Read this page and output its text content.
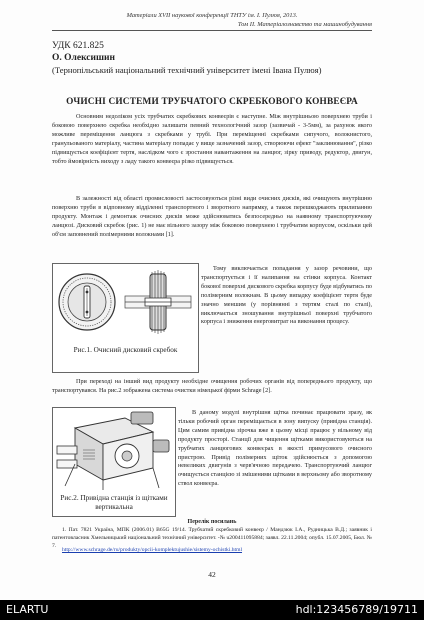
Матеріали XVII наукової конференції ТНТУ ім. І. Пулюя, 2013.
Том II. Матеріалознавство та машинобудування
УДК 621.825
О. Олексишин
(Тернопільський національний технічний університет імені Івана Пулюя)
ОЧИСНІ СИСТЕМИ ТРУБЧАТОГО СКРЕБКОВОГО КОНВЕЄРА

Основним недоліком усіх трубчатих скребкових конвеєрів є наступне. Між внутрішньою поверхнею труби і боковою поверхнею скребка необхідно залишати певний технологічний зазор (зазвичай - 3-5мм), за рахунок якого можливе переміщення ланцюга з скребками у трубі. При переміщенні скребками сипучого, волокнистого, гранульованого матеріалу, частина матеріалу попадає у вище зазначений зазор, створюючи ефект "заклинювання", різко підвищується коефіцієнт тертя, наслідком чого є зростання навантаження на ланцюг, зірку приводу, редуктор, двигун, тобто ймовірність виходу з ладу такого конвеєра різко підвищується.

В залежності від області промисловості застосовуються різні види очисних дисків, які очищують внутрішню поверхню труби в відповному відділенні транспортного і зворотного напрямку, а також перешкоджають прилипанню продукту. Монтаж і демонтаж очисних дисків може здійснюватись безпосередньо на наявному транспортуючому ланцюзі. Дисковий скребок (рис. 1) не має вільного зазору між боковою поверхнею і трубчатим корпусом, оскільки цей об'єм заповнений полімерними волокнами [1].

Рис.1. Очисний дисковий скребок

Тому виключається попадання у зазор речовини, що транспортується і її налипання на стінки корпуса. Контакт бокової поверхні дискового скребка корпусу буде відбуватись по полімерним волокнам. В цьому випадку коефіцієнт тертя буде значно меншим (у порівнянні з тертям сталі по сталі), виключається зношування внутрішньої поверхні трубчатого корпуса і зниження енерговитрат на виконання процесу.

При переході на інший вид продукту необхідне очищення робочих органів від попереднього продукту, що транспортувався. На рис.2 зображена система очистки німецької фірми Schrage [2].

Рис.2. Привідна станція із щітками вертикальна

В даному модулі внутрішня щітка починає працювати зразу, як тільки робочий орган переміщається в зону випуску (привідна станція). Цим самим привідна зірочка вже в цьому місці працює у вільному від продукту просторі. Станції для чищення щітками використовуються на трубчатих ланцюгових конвеєрах в якості примусового очисного пристрою. Привід полімерних щіток здійснюється з допомогою невеликих двигунів з черв'ячною передачею. Транспортуючий ланцюг очищується станцією зі змішеними щітками в верхньому або зворотному ствол конвеєра.

Перелік посилань

1. Пат. 7821 Україна, МПК (2006.01) B65G 19/14. Трубчатий скребковий конвеєр / Мандзюк І.А., Рудницька В.Д.; заявник і патентовласник Хмельницький національний технічний університет. -№ u200411095884; заявл. 22.11.2004; опубл. 15.07.2005, Бюл. № 7.

http://www.schrage.de/ru/produkty/opcii-komplektujushie/sistemy-ochistki.html
42
ELARTU	hdl:123456789/19711
